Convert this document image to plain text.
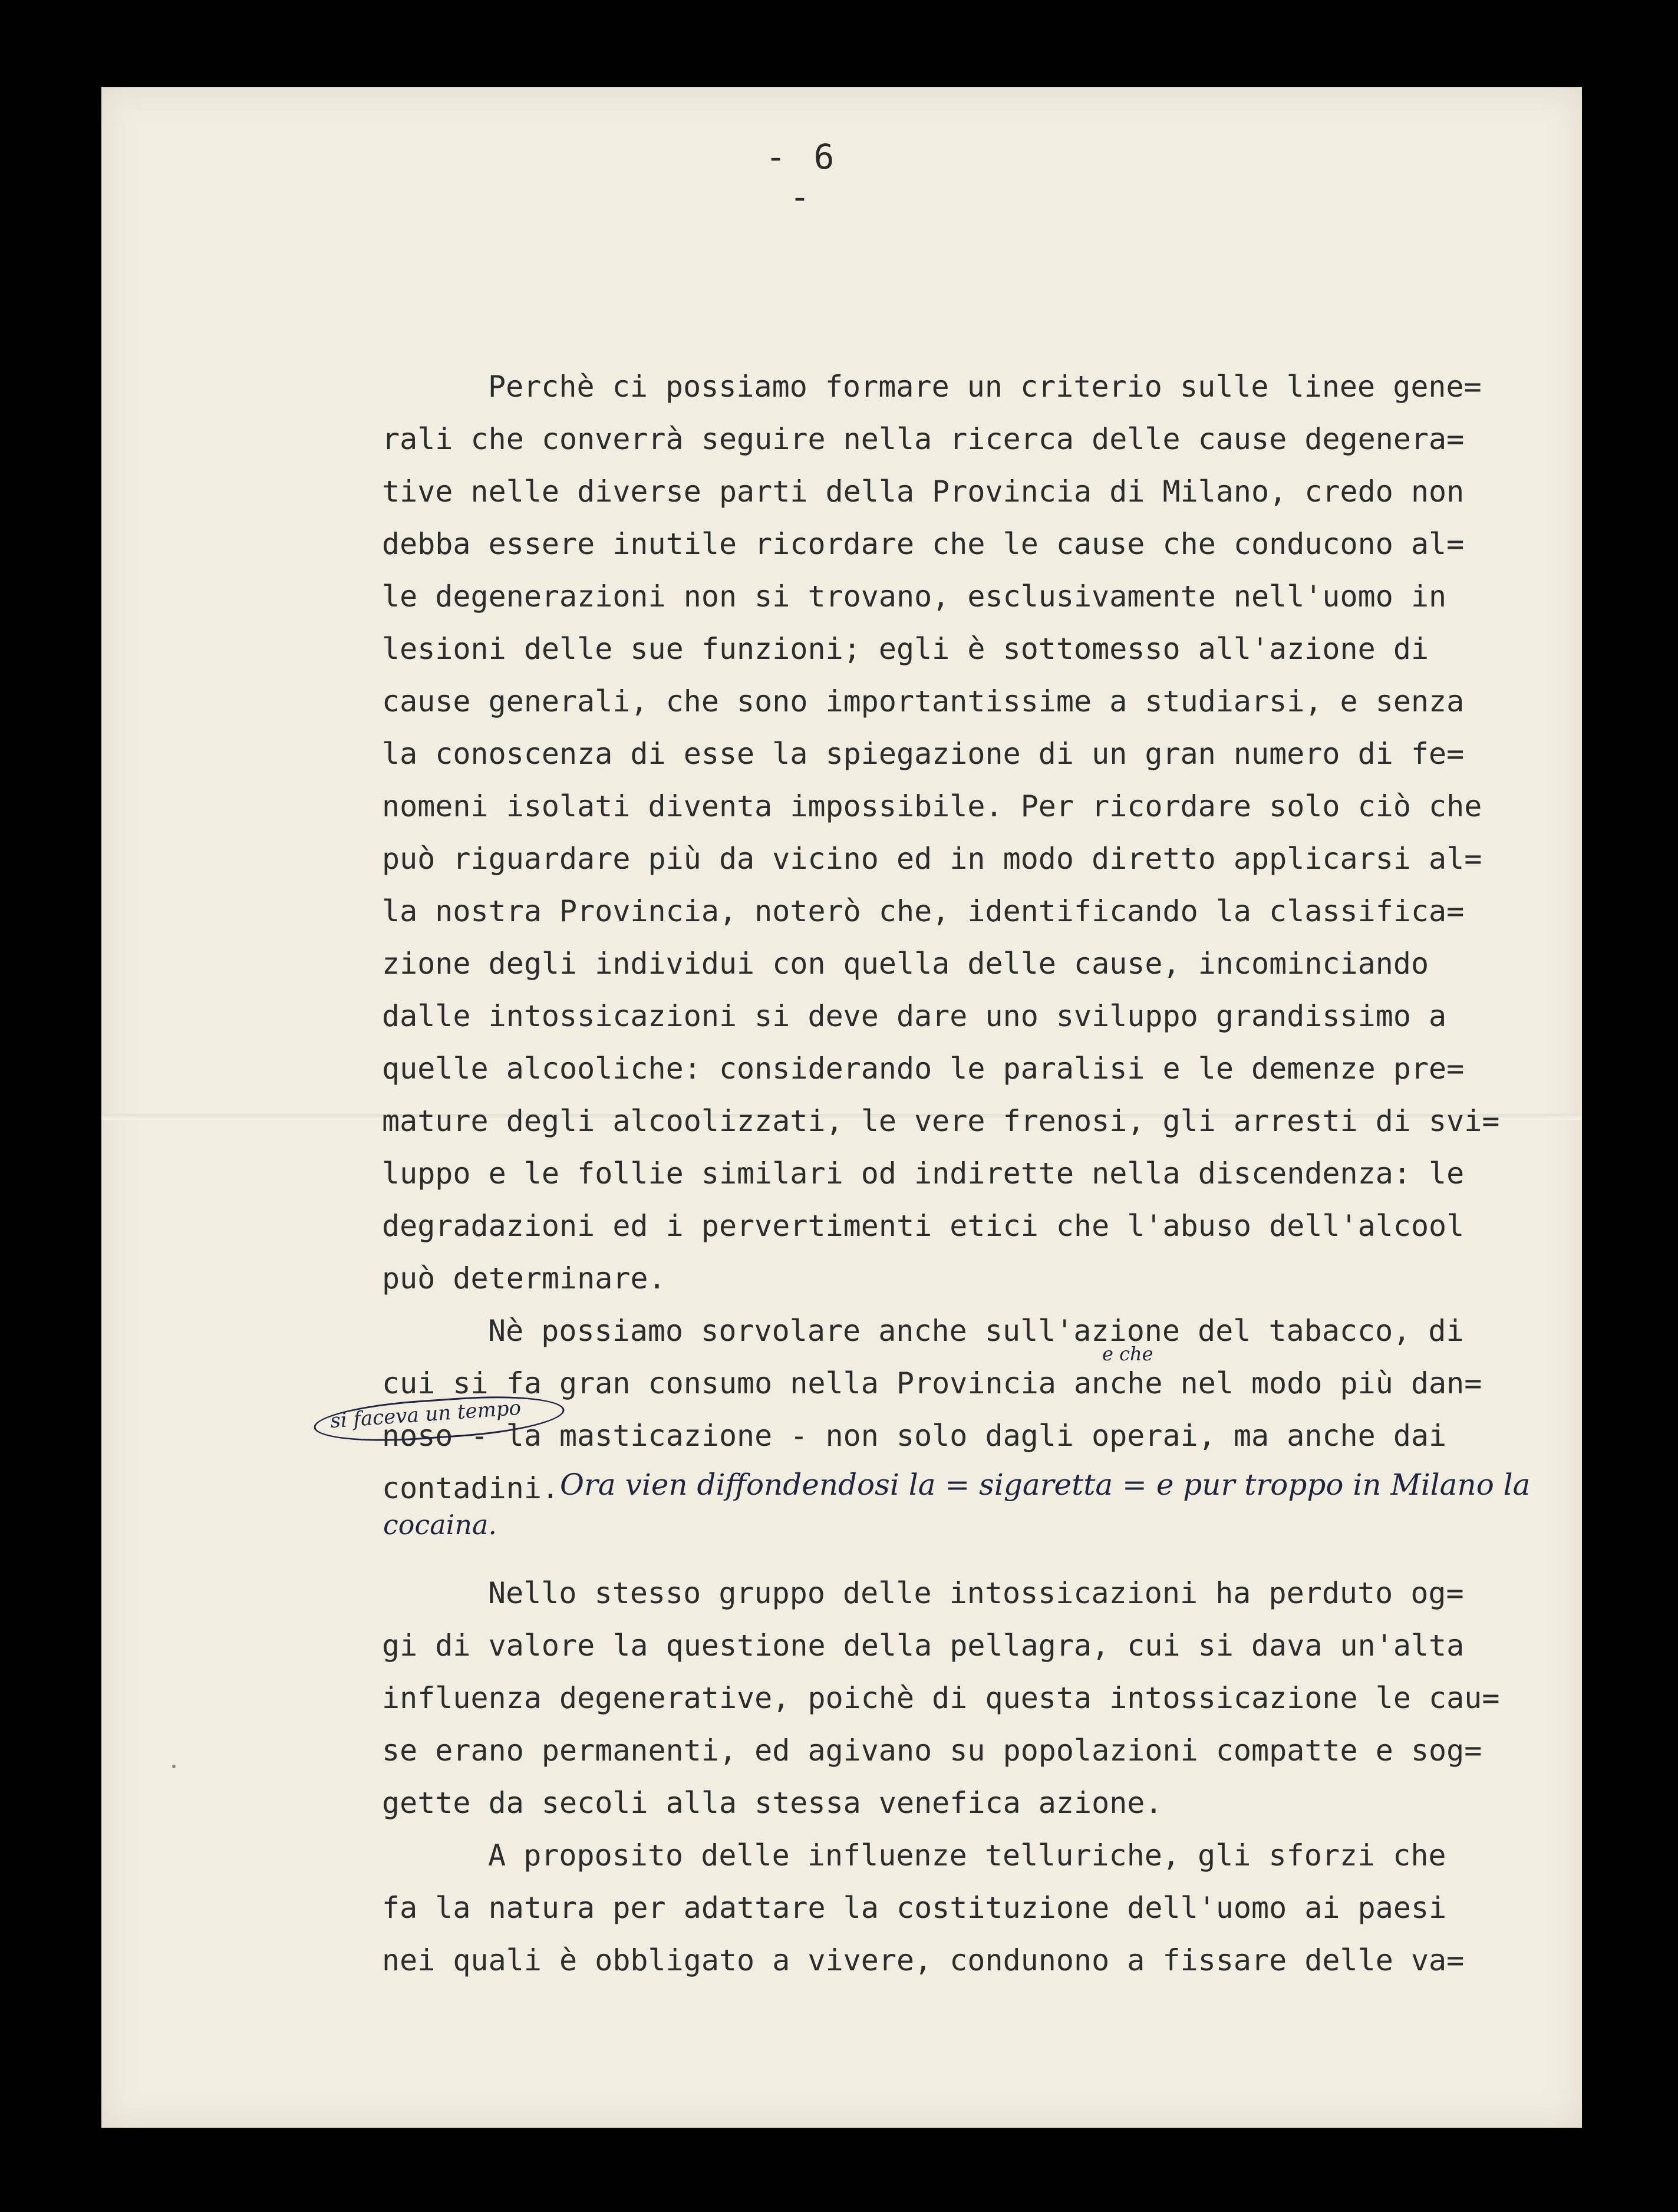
- 6 -
Perchè ci possiamo formare un criterio sulle linee gene=
rali che converrà seguire nella ricerca delle cause degenera=
tive nelle diverse parti della Provincia di Milano, credo non
debba essere inutile ricordare che le cause che conducono al=
le degenerazioni non si trovano, esclusivamente nell'uomo in
lesioni delle sue funzioni; egli è sottomesso all'azione di
cause generali, che sono importantissime a studiarsi, e senza
la conoscenza di esse la spiegazione di un gran numero di fe=
nomeni isolati diventa impossibile. Per ricordare solo ciò che
può riguardare più da vicino ed in modo diretto applicarsi al=
la nostra Provincia, noterò che, identificando la classifica=
zione degli individui con quella delle cause, incominciando
dalle intossicazioni si deve dare uno sviluppo grandissimo a
quelle alcooliche: considerando le paralisi e le demenze pre=
mature degli alcoolizzati, le vere frenosi, gli arresti di svi=
luppo e le follie similari od indirette nella discendenza: le
degradazioni ed i pervertimenti etici che l'abuso dell'alcool
può determinare.
Nè possiamo sorvolare anche sull'azione del tabacco, di
cui si fa gran consumo nella Provincia anche nel modo più dan=
noso - la masticazione - non solo dagli operai, ma anche dai
contadini.
Nello stesso gruppo delle intossicazioni ha perduto og=
gi di valore la questione della pellagra, cui si dava un'alta
influenza degenerative, poichè di questa intossicazione le cau=
se erano permanenti, ed agivano su popolazioni compatte e sog=
gette da secoli alla stessa venefica azione.
A proposito delle influenze telluriche, gli sforzi che
fa la natura per adattare la costituzione dell'uomo ai paesi
nei quali è obbligato a vivere, condunono a fissare delle va=
e che
si faceva un tempo
Ora vien diffondendosi la = sigaretta = e pur troppo in Milano la
cocaina.
